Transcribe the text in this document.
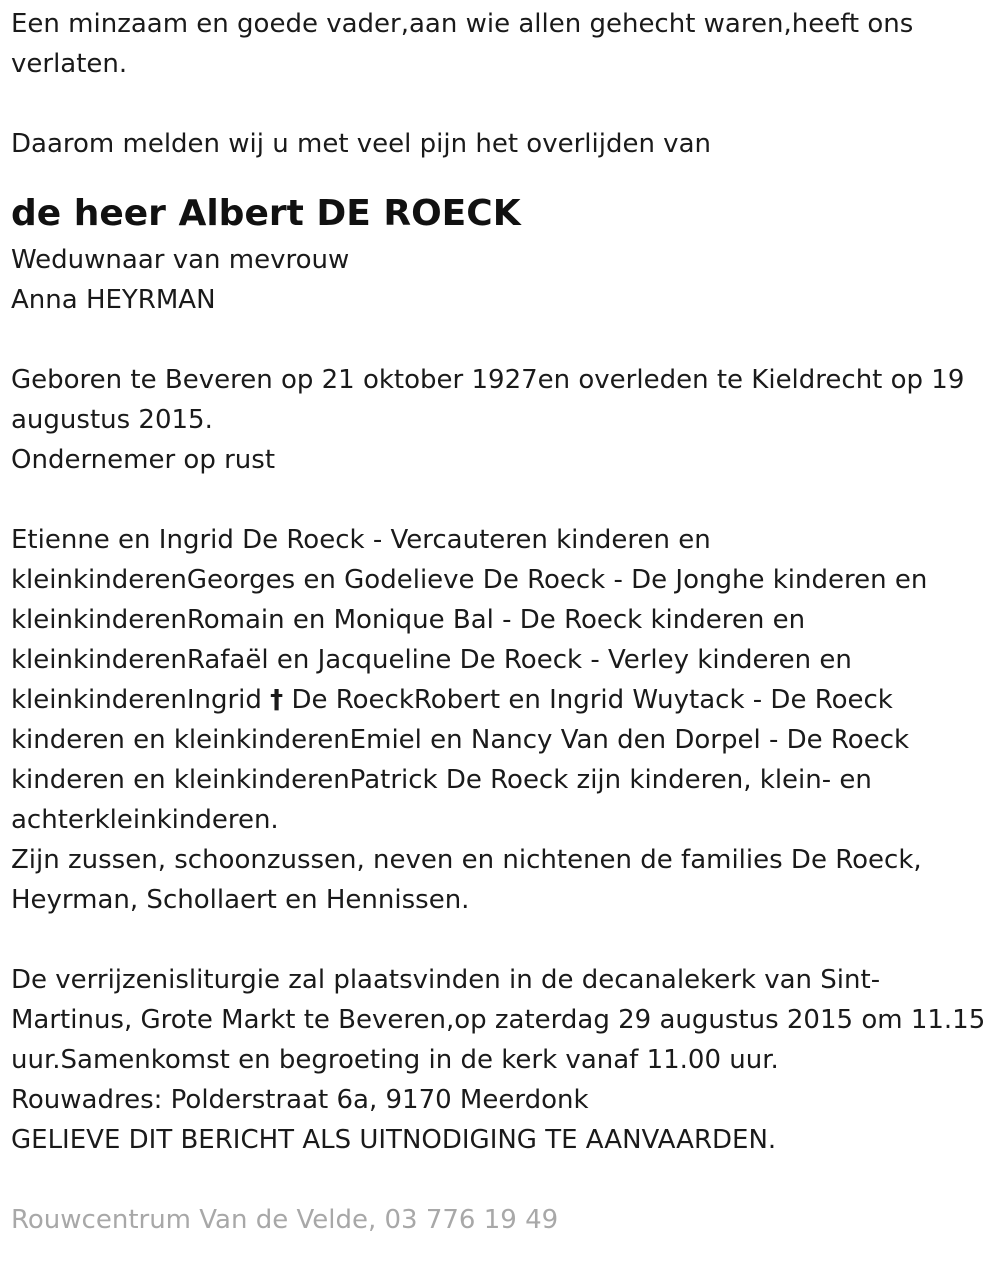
Een minzaam en goede vader,aan wie allen gehecht waren,heeft ons verlaten.

Daarom melden wij u met veel pijn het overlijden van

de heer Albert DE ROECK

Weduwnaar van mevrouw

Anna HEYRMAN

Geboren te Beveren op 21 oktober 1927en overleden te Kieldrecht op 19 augustus 2015.

Ondernemer op rust

Etienne en Ingrid De Roeck - Vercauteren kinderen en kleinkinderenGeorges en Godelieve De Roeck - De Jonghe kinderen en kleinkinderenRomain en Monique Bal - De Roeck kinderen en kleinkinderenRafaël en Jacqueline De Roeck - Verley kinderen en kleinkinderenIngrid † De RoeckRobert en Ingrid Wuytack - De Roeck kinderen en kleinkinderenEmiel en Nancy Van den Dorpel - De Roeck kinderen en kleinkinderenPatrick De Roeck zijn kinderen, klein- en achterkleinkinderen.

Zijn zussen, schoonzussen, neven en nichtenen de families De Roeck, Heyrman, Schollaert en Hennissen.

De verrijzenisliturgie zal plaatsvinden in de decanalekerk van Sint-Martinus, Grote Markt te Beveren,op zaterdag 29 augustus 2015 om 11.15 uur.Samenkomst en begroeting in de kerk vanaf 11.00 uur.

Rouwadres: Polderstraat 6a, 9170 Meerdonk

GELIEVE DIT BERICHT ALS UITNODIGING TE AANVAARDEN.

Rouwcentrum Van de Velde, 03 776 19 49
